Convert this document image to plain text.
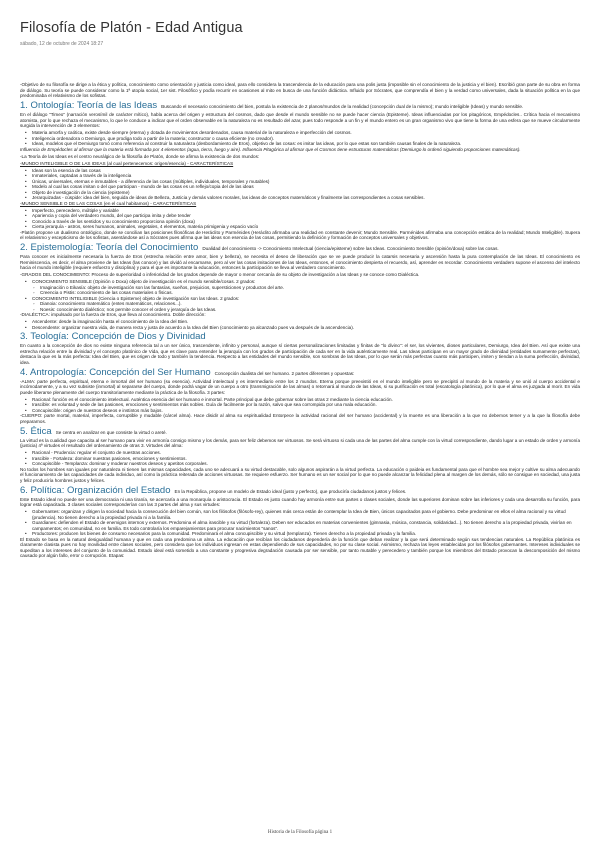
Filosofía de Platón - Edad Antigua
sábado, 12 de octubre de 2024 18:27

-Objetivo de su filosofía se dirige a la ética y política, conocimiento como orientación y justicia como ideal, para ello considera la trascendencia de la educación para una polis justa (imposible sin el conocimiento de la justicia y el bien). Escribió gran parte de su obra en forma de diálogo. Su teoría se puede considerar como la 1ª utopía social, 1er sist. Filosófico y podía recurrir en ocasiones al mito en busca de una función didáctica. Influido por Sócrates, que comprendía el bien y la verdad como universales, dada la situación política en la que predominaba el relativismo de los sofistas.

1. Ontología: Teoría de las Ideas Buscando el necesario conocimiento del bien, postula la existencia de 2 planos/mundos de la realidad (concepción dual de la mismo); mundo inteligible (Ideas) y mundo sensible.

En el diálogo "Timeo" (narración verosímil de carácter mítico), habla acerca del origen y estructura del cosmos, dado que desde el mundo sensible no se puede hacer ciencia (Episteme). Ideas influenciadas por los pitagóricos, Empédocles.. Crítica hacia el mecanismo atomista, por lo que rechaza el mecanismo, lo que le conduce a indicar que el orden observable en la naturaleza no es resultado del azar, pues todo responde a un fin y el mundo entero es un gran organismo vivo que tiene la forma de una esfera que se mueve circularmente surgida la intervención de 3 elementos:

• Materia amorfa y caótica, existe desde siempre (eterna) y dotada de movimientos desordenados, causa material de la naturaleza e imperfección del cosmos.
• Inteligencia ordenadora o Demiurgo, que prodiga todo a partir de la materia; constructor o causa eficiente (no creador).
• Ideas, modelos que el Demiurgo tomó como referencia al construir la naturaleza (desbordamiento de Eros), objetivo de las cosas: es imitar las ideas, por lo que estas son también causas finales de la naturaleza.

Influencia de Empédocles al afirmar que la materia está formada por 4 elementos (agua, tierra, fuego y aire). Influencia Pitagórica al afirmar que el Cosmos tiene estructuras matemáticas (Demiurgo lo ordenó siguiendo proporciones matemáticas).

-La Teoría de las Ideas es el centro neurálgico de la filosofía de Platón, donde se afirma la existencia de dos mundos:

-MUNDO INTELIGIBLE O DE LAS IDEAS (al cual pertenecemos: origen/esencia) - CARACTERÍSTICAS

• Ideas son la esencia de las cosas
• Inmateriales, captadas a través de la inteligencia
• Únicas, universales, eternas e inmutables - a diferencia de las cosas (múltiples, individuales, temporales y mutables)
• Modelo al cual las cosas imitan o del que participan - mundo de las cosas es un reflejo/copia del de las ideas
• Objeto de investigación de la ciencia (episteme)
• Jerarquizadas - cúspide: idea del bien, seguida de ideas de Belleza, Justicia y demás valores morales, las ideas de conceptos matemáticos y finalmente las correspondientes a cosas sensibles.

-MUNDO SENSIBLE O DE LAS COSAS (en el cual habitamos) - CARACTERÍSTICAS

• Imperfecto, perecedero, múltiple y variable
• Apariencia y copia del verdadero mundo, del que participa imita y debe tender
• Conocido a través de los sentidos y su conocimiento proporciona opinión (doxa)
• Cierta jerarquía - astros, seres humanos, animales, vegetales, 4 elementos, materia primigenia y espacio vacío

-Platón propone un dualismo ontológico, donde se concilian las posiciones filosóficas de Heráclito y Parménides (Heráclito afirmaba una realidad en constante devenir; Mundo Sensible. Parménides afirmaba una concepción estática de la realidad; Mundo Inteligible). Supera el relativismo y escepticismo de los sofistas, asentándose así a Sócrates pues afirma que las ideas son esencia de las cosas, permitiendo la definición y formación de conceptos universales y objetivos.

2. Epistemología: Teoría del Conocimiento Dualidad del conocimiento -> Conocimiento Intelectual (ciencia/episteme) sobre las Ideas. Conocimiento Sensible (opinión/doxa) sobre las cosas.

Para conocer es inicialmente necesaria la fuerza de Eros (estrecha relación entre amor, bien y belleza), se necesita el deseo de liberación que se ve puede producir la catarsis necesaria y ascensión hasta la pura contemplación de las Ideas. El conocimiento es Reminiscencia, es decir, el alma proviene de las Ideas (las conoce) y las olvidó al encarnarse, pero al ver las cosas imitaciones de las Ideas, entonces, el conocimiento despierta el recuerdo, así, aprender es recordar. Conocimiento verdadero supone el ascenso del intelecto hacia el mundo inteligible (requiere esfuerzo y disciplina) y para el que es importante la educación, entonces la participación se lleva al verdadero conocimiento.

-GRADOS DEL CONOCIMIENTO: Proceso de superioridad o inferioridad de los grados depende de mayor o menor cercanía de su objeto de investigación a las Ideas y se conoce como Dialéctica.

• CONOCIMIENTO SENSIBLE (Opinión o Doxa) objeto de investigación es el mundo sensible/cosas. 2 grados:
◦ Imaginación o Eikasía: objeto de investigación son las fantasías, sueños, prejuicios, supersticiones y productos del arte.
◦ Creencia o Pistis: conocimiento de las cosas materiales o físicas.
• CONOCIMIENTO INTELIGIBLE (Ciencia o Episteme) objeto de investigación son las Ideas. 2 grados:
◦ Dianoia: conocimiento matemático (entes matemáticos, relaciones...).
◦ Noesis: conocimiento dialéctico; nos permite conocer el orden y jerarquía de las Ideas.

-DIALÉCTICA: impulsado por la fuerza de Eros, que lleva al conocimiento. Doble dirección:

• Ascendente: desde la imaginación hasta el conocimiento de la Idea del Bien.
• Descendente: organizar nuestra vida, de manera recta y justa de acuerdo a la Idea del Bien (conocimiento ya alcanzado pues va después de la ascendencia).
3. Teología: Concepción de Dios y Divinidad

En cuanto a la concepción de dios no existe ninguna referencia tal a un ser único, trascendente, infinito y personal, aunque sí ciertas personalizaciones limitadas y finitas de "lo divino": el ser, los vivientes, dioses particulares, Demiurgo, Idea del Bien. Así que existe una estrecha relación entre la divinidad y el concepto platónico de Vida, que es clave para entender la jerarquía con los grados de participación de cada ser en la vida auténticamente real. Las Ideas participan en un mayor grado de divinidad (entidades sumamente perfectas), destaca la que es la más perfecta: Idea del Bien, que es origen de todo y también la tendencia. Respecto a las entidades del mundo sensible, son sombras de las Ideas, por lo que serán más perfectas cuanto más participen, imiten y tiendan a la suma perfección, divinidad, idea.

4. Antropología: Concepción del Ser Humano Concepción dualista del ser humano. 2 partes diferentes y opuestas:

-ALMA: parte perfecta, espiritual, eterna e inmortal del ser humano (su esencia). Actividad intelectual y es intermediario entre los 2 mundos. Eterna porque preexistió en el mundo inteligible pero se precipitó al mundo de la materia y se unió al cuerpo accidental e incómodamente, y a su vez subsiste (inmortal) al separarse del cuerpo, donde podrá vagar de un cuerpo a otro (transmigración de las almas) o retornará al mundo de las Ideas, si su purificación es total (escatología platónica), por lo que el alma es juzgada al morir. En vida puede liberarse plenamente del cuerpo transitoriamente mediante la práctica de la filosofía. 3 partes:

• Racional: función es el conocimiento intelectual. Auténtica esencia del ser humano e inmortal. Parte principal que debe gobernar sobre las otras 2 mediante la ciencia educación.
• Irascible: es voluntad y sede de las pasiones, emociones y sentimientos más nobles. Guía de facilmente por la razón, salvo que sea corrompida por una mala educación.
• Concupiscible: origen de nuestros deseos e instintos más bajos.

-CUERPO: parte mortal, material, imperfecta, corruptible y mudable (cárcel alma). Hace disidir al alma su espiritualidad Entorpece la actividad racional del ser humano (accidental) y la muerte es una liberación a la que no debemos temer y a la que la filosofía debe prepararnos.

5. Ética Se centra en analizar en que consiste la virtud o areté.

La virtud es la cualidad que capacita al ser humano para vivir en armonía consigo mismo y los demás, para ser feliz debemos ser virtuosos. Se será virtuoso si cada una de las partes del alma cumple con la virtud correspondiente, dando lugar a un estado de orden y armonía (justicia) 4ª virtudes el resultado del ordenamiento de otras 3. Virtudes del alma:

• Racional - Prudencia: regular el conjunto de nuestras acciones.
• Irascible - Fortaleza: dominar nuestras pasiones, emociones y sentimientos.
• Concupiscible - Templanza: dominar y moderar nuestros deseos y apetitos corporales.

No todos los hombres son iguales por naturaleza ni tienen las mismas capacidades, cada uno se adecuará a su virtud destacable, solo algunos aspirarán a la virtud perfecta. La educación o paideia es fundamental para que el hombre sea mejor y cultive su alma adecuando el funcionamiento de las capacidades de cada individuo, así como la práctica reiterada de acciones virtuosas. Se requiere esfuerzo. Ser humano es un ser social por lo que no puede alcanzar la felicidad plena al margen de los demás, sólo se consigue en sociedad, una justa y feliz produciría hombres justos y felices.

6. Política: Organización del Estado En la República, propone un modelo de Estado ideal (justo y perfecto), que produciría ciudadanos justos y felices.

Este Estado ideal no puede ser una democracia ni una tiranía, se acercaría a una monarquía o aristocracia. El Estado es justo cuando hay armonía entre sus partes o clases sociales, donde las superiores dominan sobre las inferiores y cada una desarrolla su función, para lograr está capacitada. 3 clases sociales corresponderían con las 3 partes del alma y sus virtudes:

• Gobernantes: organizan y dirigen la sociedad hacia la consecución del bien común, son los filósofos (filósofo-rey), quienes más cerca están de contemplar la Idea de Bien, únicos capacitados para el gobierno. Debe predominar en ellos el alma racional y su virtud (prudencia). No tienen derecho a la propiedad privada ni a la familia.
• Guardianes: defienden el Estado de enemigos internos y externos. Predomina el alma irascible y su virtud (fortaleza). Deben ser educados en materias convenientes (gimnasia, música, constancia, solidaridad...). No tienen derecho a la propiedad privada, vivirían en campamentos; en comunidad, no en familia. Es todo controlaría los emparejamientos para procurar nacimientos "sanos".
• Productores: producen los bienes de consumo necesarios para la comunidad. Predominará el alma concupiscible y su virtud (templanza). Tienen derecho a la propiedad privada y la familia.

El Estado se basa en la natural desigualdad humana y que en cada una predomina un alma. La educación que recibían los ciudadanos dependería de la función que deban realizar y la que será determinado según sus tendencias naturales. La República platónica es claramente clasista pues no hay movilidad entre clases sociales, pero considera que los individuos ingresan en estas dependiendo de sus capacidades, no por su clase social. Asimismo, rechaza las leyes establecidas por los filósofos gobernantes. Intereses individuales se supeditan a los intereses del conjunto de la comunidad. Estado ideal está sometido a una constante y progresiva degradación causada por ser sensible, por tanto mutable y perecedero y también porque los miembros del Estado provocan la descomposición del mismo causado por algún fallo, error o corrupción. Etapas:

Historia de la Filosofía página 1
